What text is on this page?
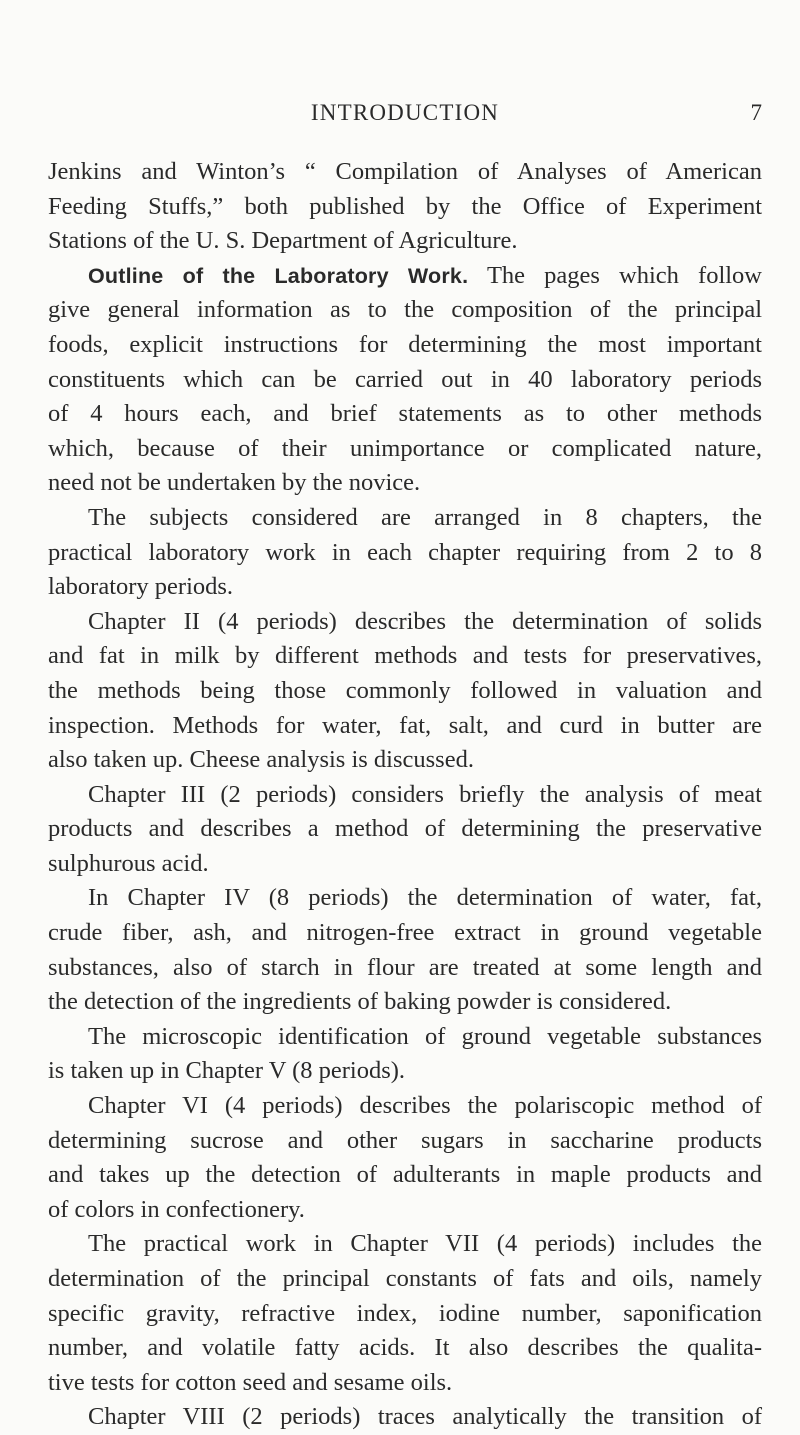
INTRODUCTION	7
Jenkins and Winton’s “ Compilation of Analyses of American
Feeding Stuffs,” both published by the Office of Experiment
Stations of the U. S. Department of Agriculture.
Outline of the Laboratory Work. The pages which follow
give general information as to the composition of the principal
foods, explicit instructions for determining the most important
constituents which can be carried out in 40 laboratory periods
of 4 hours each, and brief statements as to other methods
which, because of their unimportance or complicated nature,
need not be undertaken by the novice.
The subjects considered are arranged in 8 chapters, the
practical laboratory work in each chapter requiring from 2 to 8
laboratory periods.
Chapter II (4 periods) describes the determination of solids
and fat in milk by different methods and tests for preservatives,
the methods being those commonly followed in valuation and
inspection. Methods for water, fat, salt, and curd in butter are
also taken up. Cheese analysis is discussed.
Chapter III (2 periods) considers briefly the analysis of meat
products and describes a method of determining the preservative
sulphurous acid.
In Chapter IV (8 periods) the determination of water, fat,
crude fiber, ash, and nitrogen-free extract in ground vegetable
substances, also of starch in flour are treated at some length and
the detection of the ingredients of baking powder is considered.
The microscopic identification of ground vegetable substances
is taken up in Chapter V (8 periods).
Chapter VI (4 periods) describes the polariscopic method of
determining sucrose and other sugars in saccharine products
and takes up the detection of adulterants in maple products and
of colors in confectionery.
The practical work in Chapter VII (4 periods) includes the
determination of the principal constants of fats and oils, namely
specific gravity, refractive index, iodine number, saponification
number, and volatile fatty acids. It also describes the qualita-
tive tests for cotton seed and sesame oils.
Chapter VIII (2 periods) traces analytically the transition of
